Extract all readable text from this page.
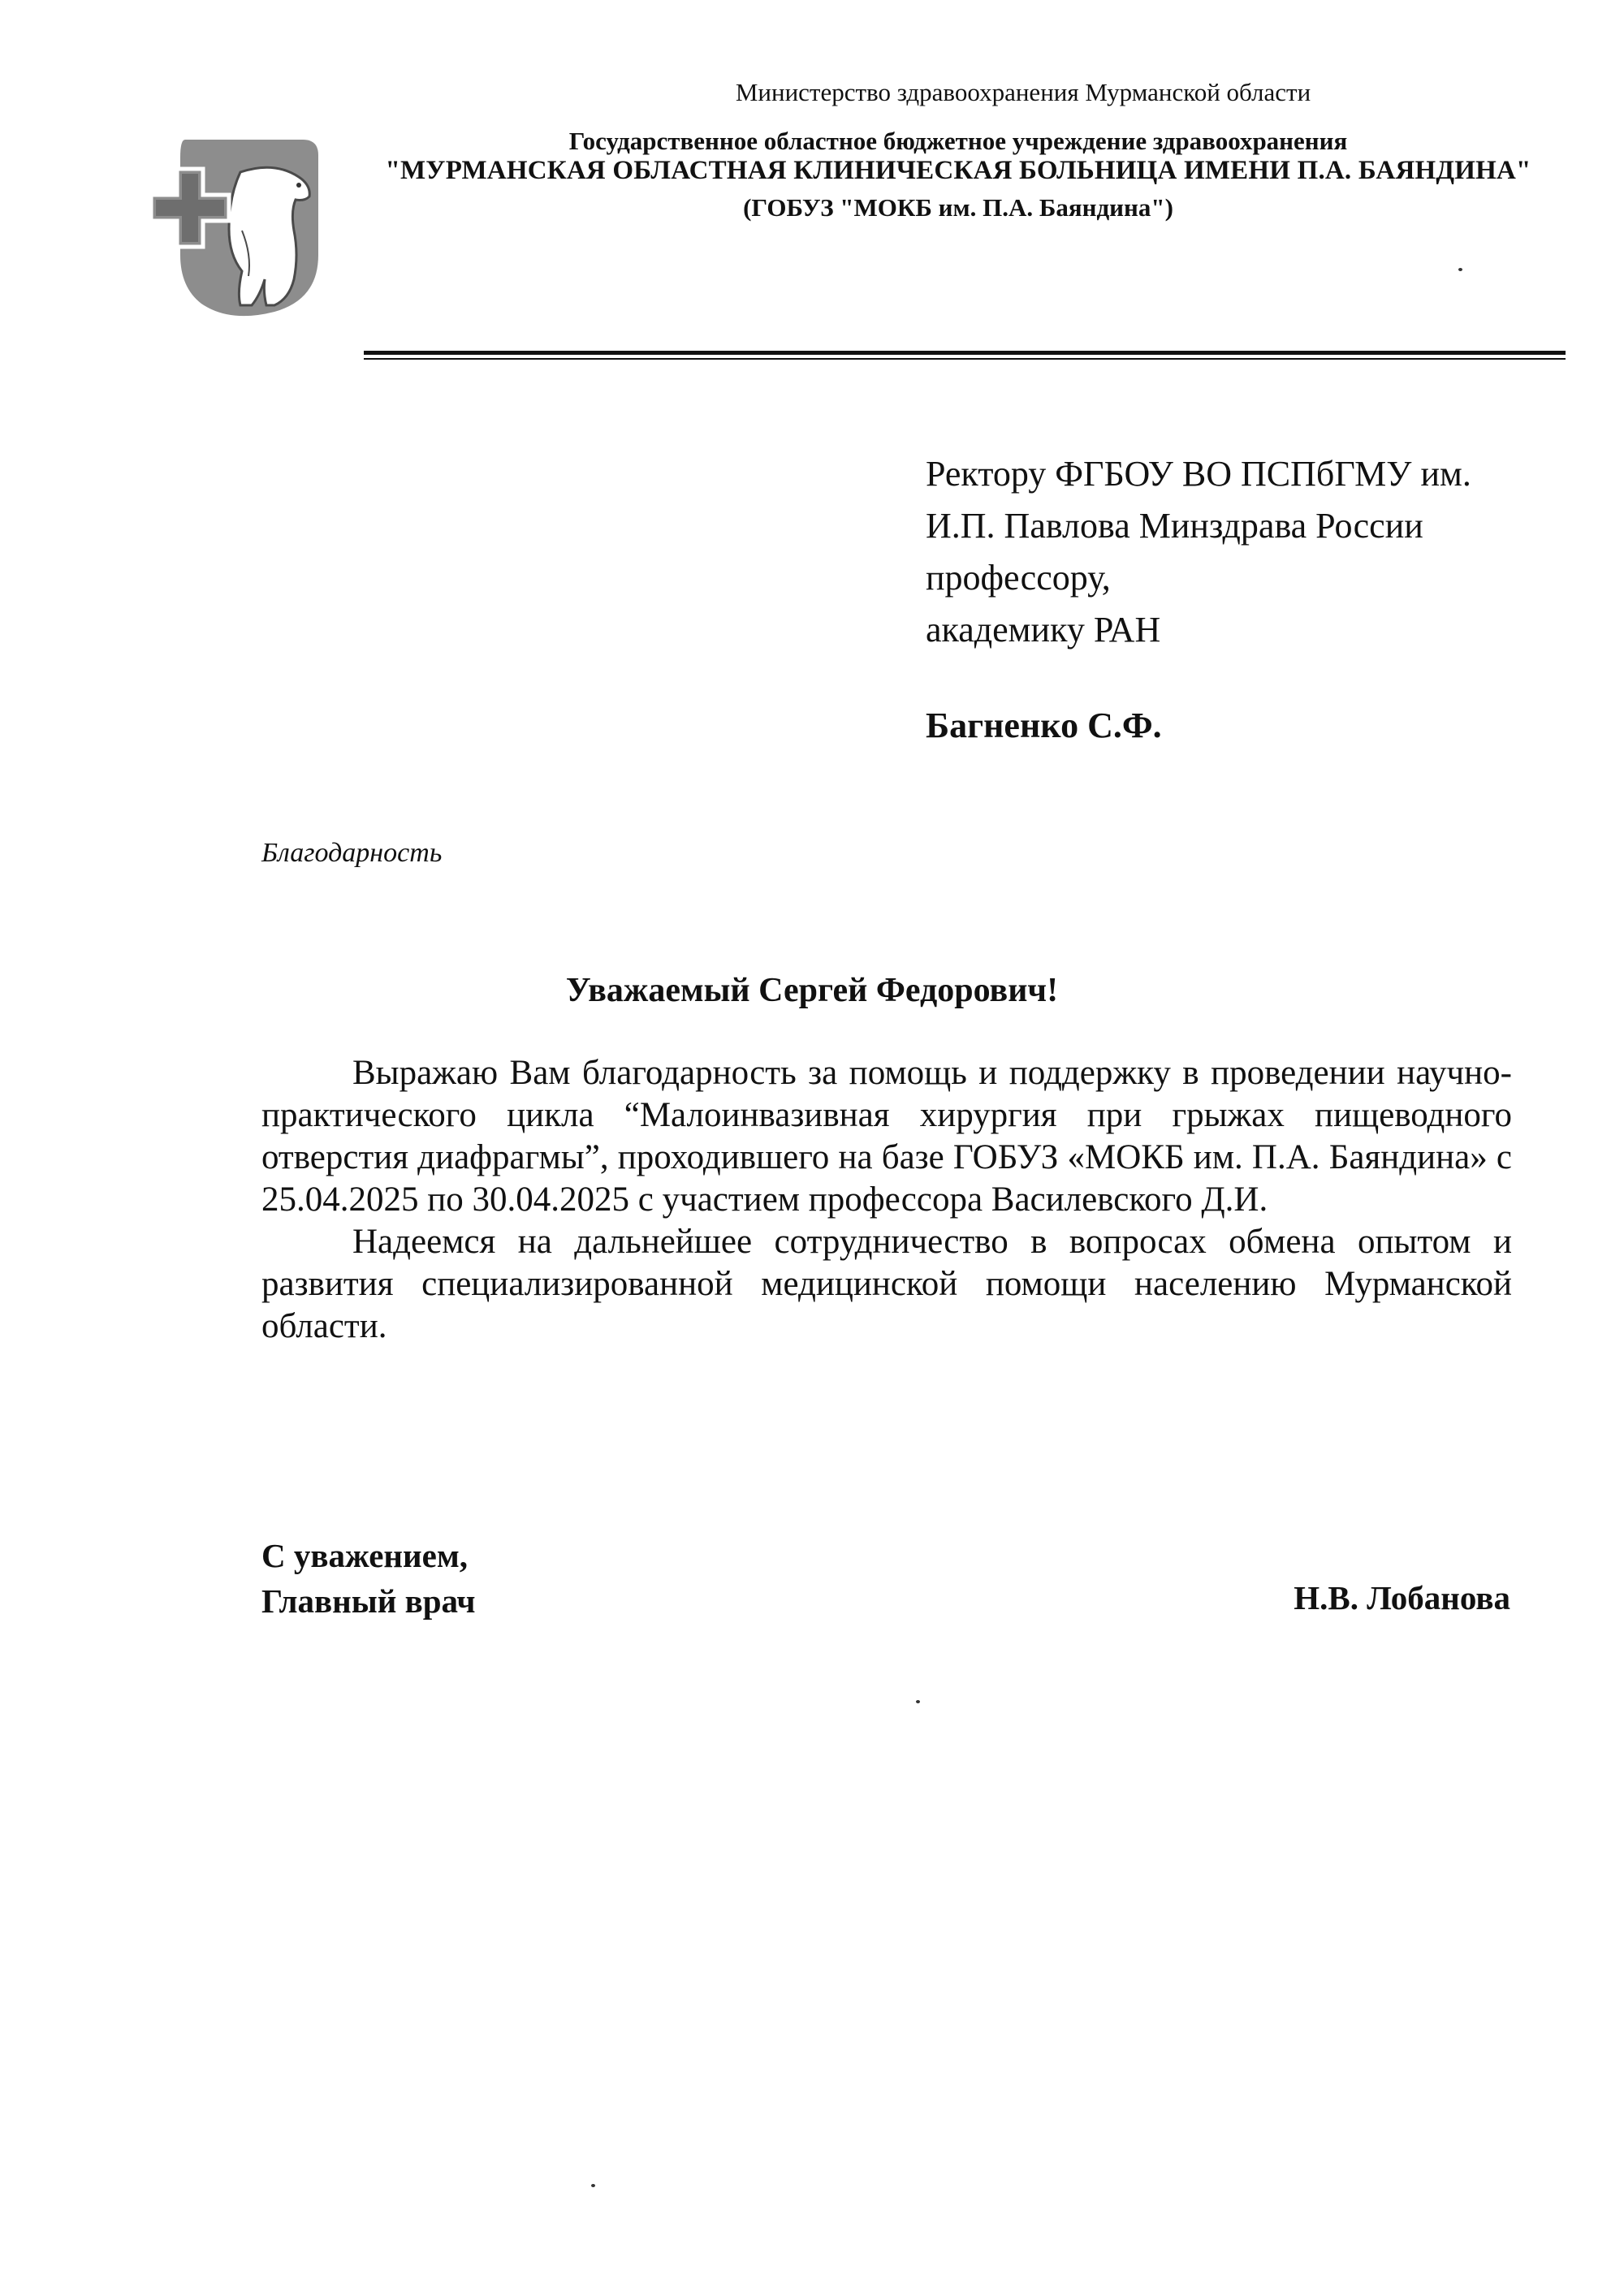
Министерство здравоохранения Мурманской области
Государственное областное бюджетное учреждение здравоохранения
"МУРМАНСКАЯ ОБЛАСТНАЯ КЛИНИЧЕСКАЯ БОЛЬНИЦА ИМЕНИ П.А. БАЯНДИНА"
(ГОБУЗ "МОКБ им. П.А. Баяндина")
Ректору ФГБОУ ВО ПСПбГМУ им.
И.П. Павлова Минздрава России
профессору,
академику РАН
Багненко С.Ф.
Благодарность
Уважаемый Сергей Федорович!

Выражаю Вам благодарность за помощь и поддержку в проведении научно-практического цикла “Малоинвазивная хирургия при грыжах пищеводного отверстия диафрагмы”, проходившего на базе ГОБУЗ «МОКБ им. П.А. Баяндина» с 25.04.2025 по 30.04.2025 с участием профессора Василевского Д.И.

Надеемся на дальнейшее сотрудничество в вопросах обмена опытом и развития специализированной медицинской помощи населению Мурманской области.

С уважением,
Главный врач	Н.В. Лобанова
